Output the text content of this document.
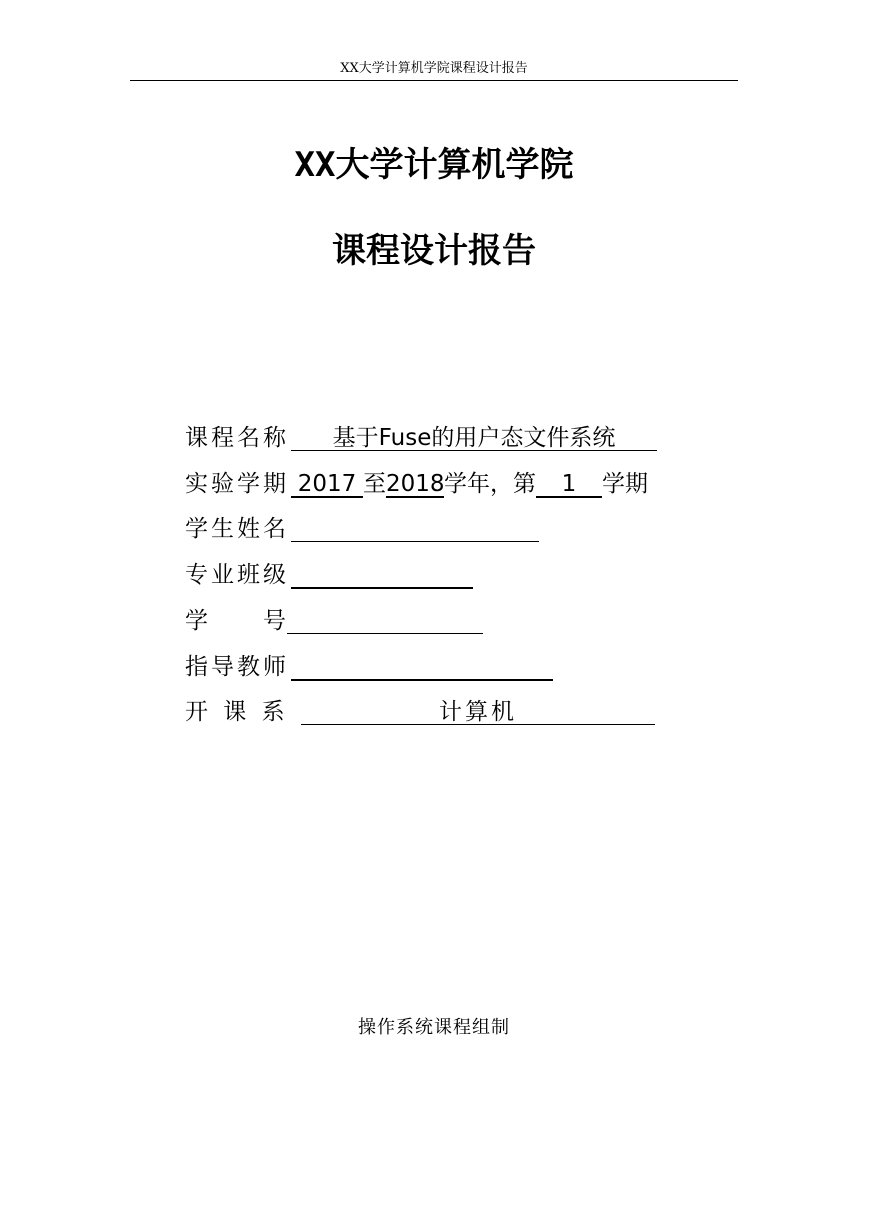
XX大学计算机学院课程设计报告
XX大学计算机学院
课程设计报告
课程名称 基于Fuse的用户态文件系统
实验学期 2017 至2018学年，第 1 学期
学生姓名
专业班级
学　　号
指导教师
开 课 系	计算机
操作系统课程组制
